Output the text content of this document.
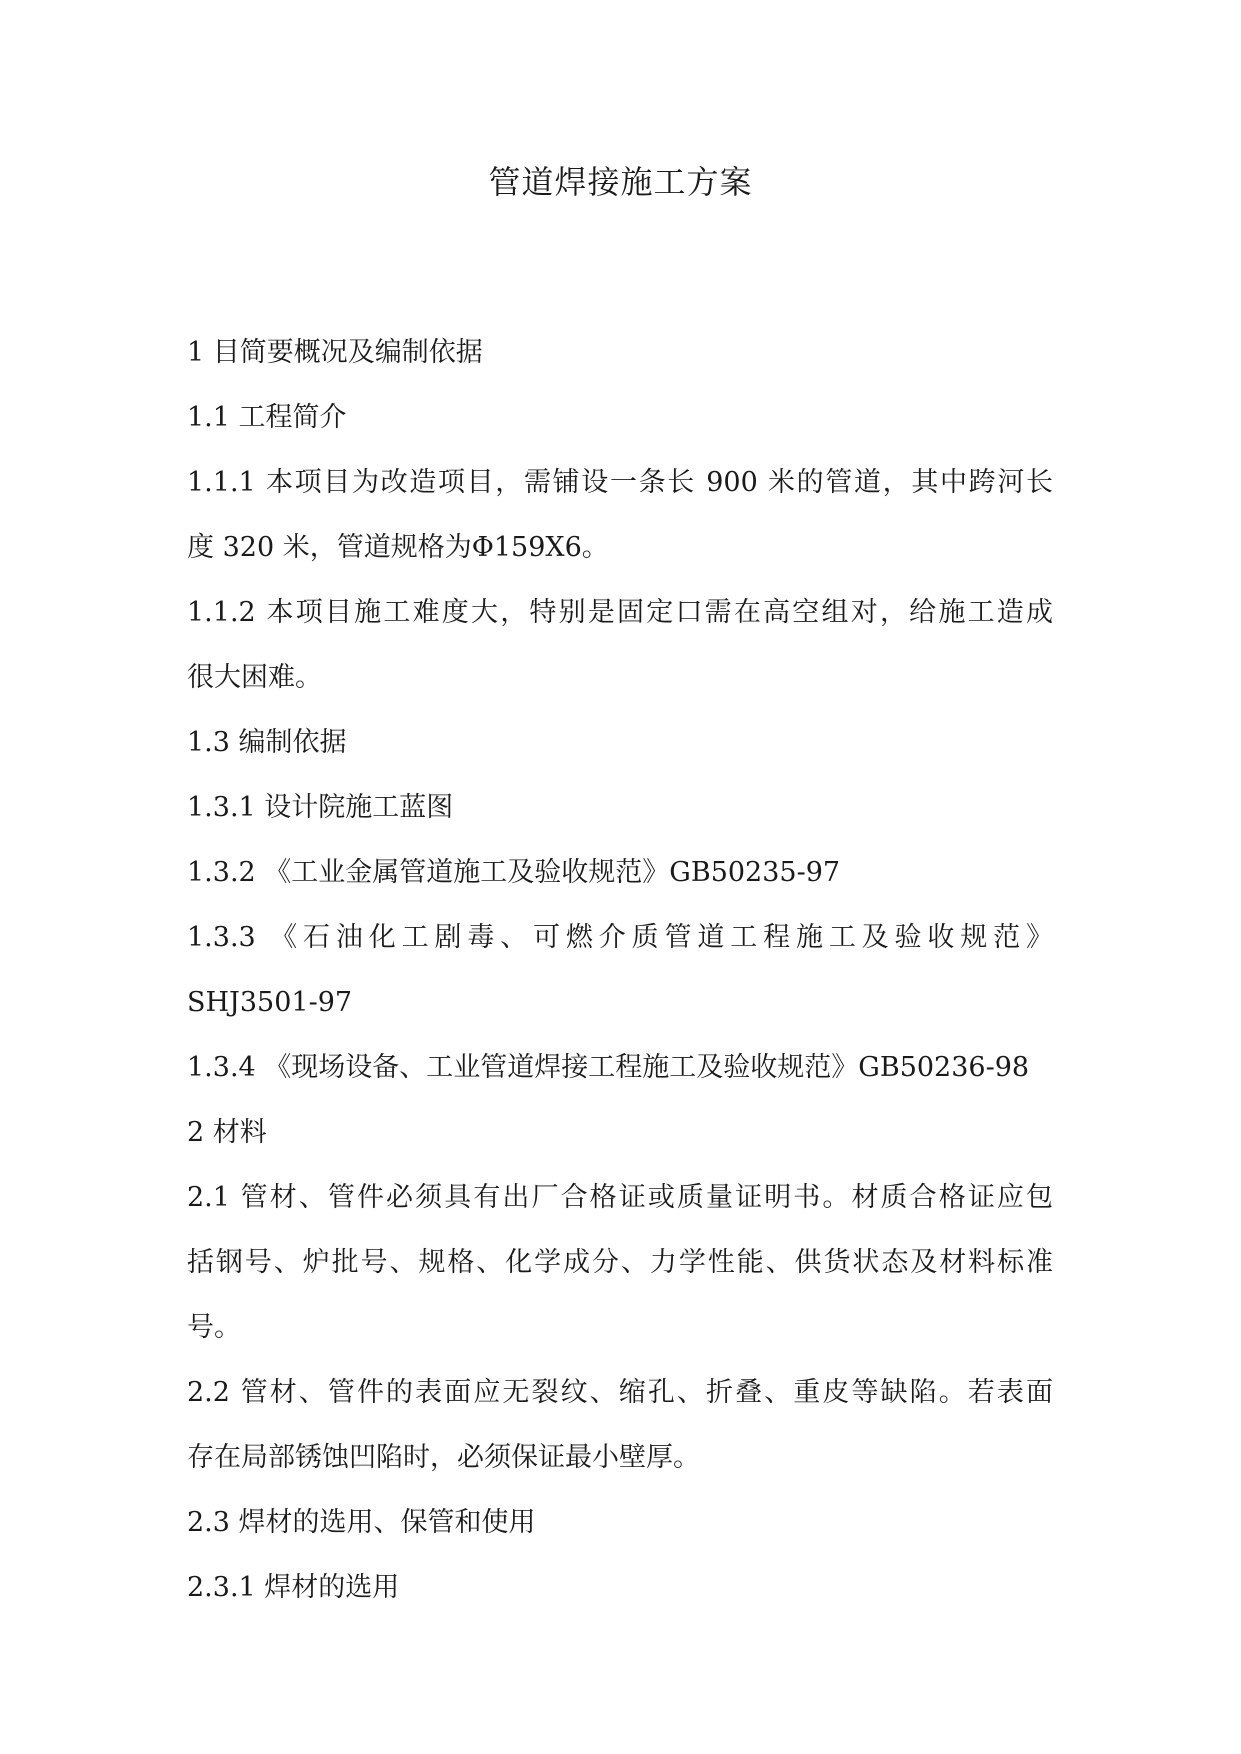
管道焊接施工方案
1 目简要概况及编制依据
1.1 工程简介
1.1.1 本项目为改造项目，需铺设一条长 900 米的管道，其中跨河长
度 320 米，管道规格为Φ159Ⅹ6。
1.1.2 本项目施工难度大，特别是固定口需在高空组对，给施工造成
很大困难。
1.3 编制依据
1.3.1 设计院施工蓝图
1.3.2 《工业金属管道施工及验收规范》GB50235-97
1.3.3 《石油化工剧毒、可燃介质管道工程施工及验收规范》
SHJ3501-97
1.3.4 《现场设备、工业管道焊接工程施工及验收规范》GB50236-98
2 材料
2.1 管材、管件必须具有出厂合格证或质量证明书。材质合格证应包
括钢号、炉批号、规格、化学成分、力学性能、供货状态及材料标准
号。
2.2 管材、管件的表面应无裂纹、缩孔、折叠、重皮等缺陷。若表面
存在局部锈蚀凹陷时，必须保证最小壁厚。
2.3 焊材的选用、保管和使用
2.3.1 焊材的选用
